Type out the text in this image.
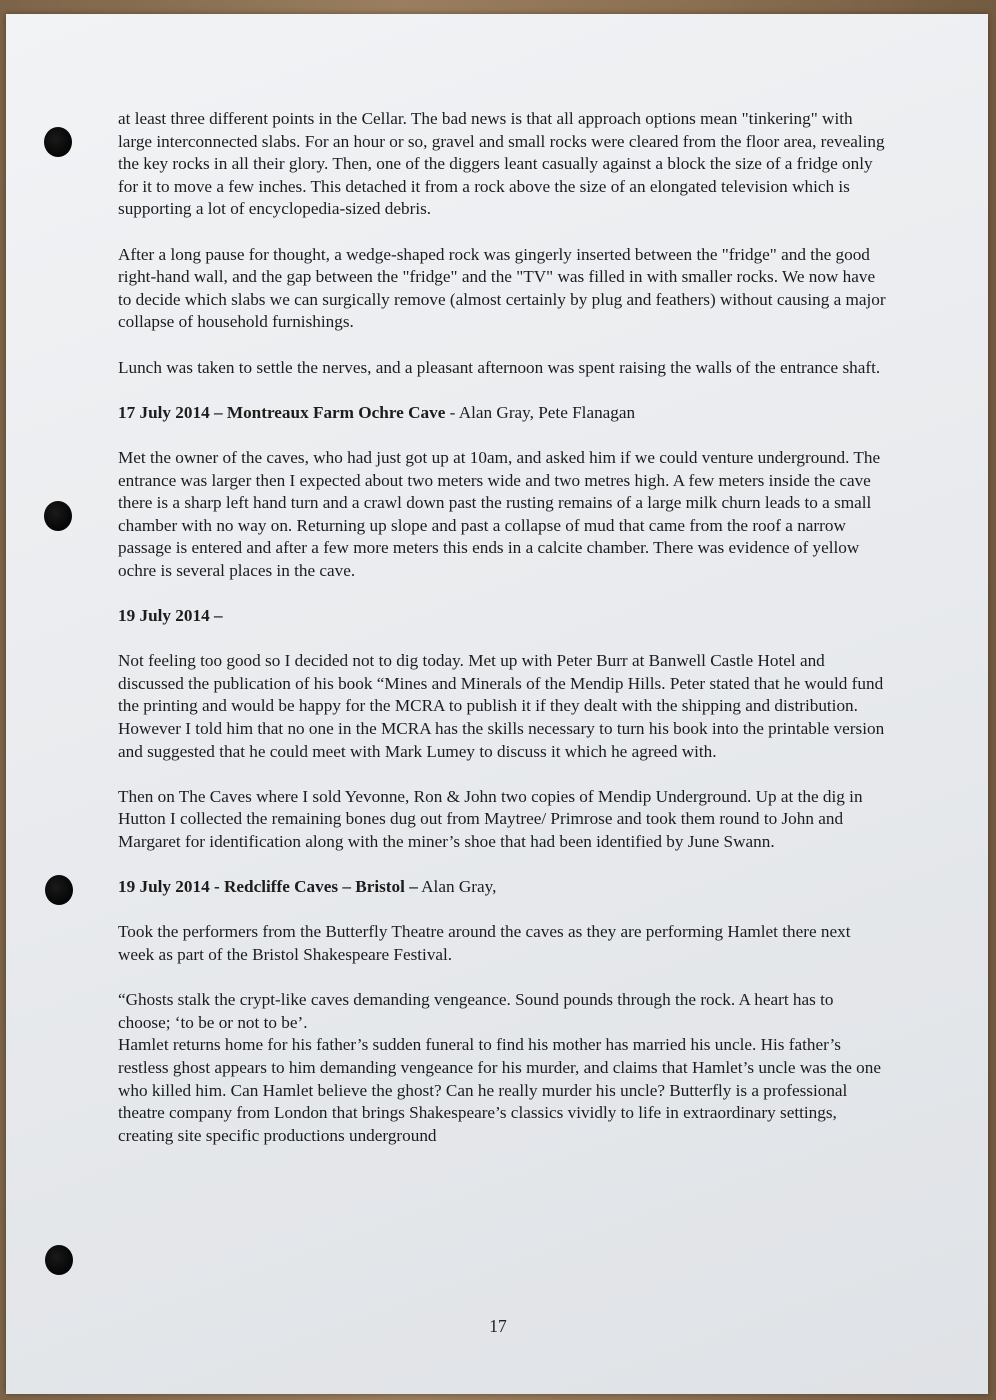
at least three different points in the Cellar. The bad news is that all approach options mean "tinkering" with large interconnected slabs. For an hour or so, gravel and small rocks were cleared from the floor area, revealing the key rocks in all their glory. Then, one of the diggers leant casually against a block the size of a fridge only for it to move a few inches. This detached it from a rock above the size of an elongated television which is supporting a lot of encyclopedia-sized debris.

After a long pause for thought, a wedge-shaped rock was gingerly inserted between the "fridge" and the good right-hand wall, and the gap between the "fridge" and the "TV" was filled in with smaller rocks. We now have to decide which slabs we can surgically remove (almost certainly by plug and feathers) without causing a major collapse of household furnishings.

Lunch was taken to settle the nerves, and a pleasant afternoon was spent raising the walls of the entrance shaft.

17 July 2014 – Montreaux Farm Ochre Cave - Alan Gray, Pete Flanagan

Met the owner of the caves, who had just got up at 10am, and asked him if we could venture underground. The entrance was larger then I expected about two meters wide and two metres high. A few meters inside the cave there is a sharp left hand turn and a crawl down past the rusting remains of a large milk churn leads to a small chamber with no way on. Returning up slope and past a collapse of mud that came from the roof a narrow passage is entered and after a few more meters this ends in a calcite chamber. There was evidence of yellow ochre is several places in the cave.

19 July 2014 –

Not feeling too good so I decided not to dig today. Met up with Peter Burr at Banwell Castle Hotel and discussed the publication of his book “Mines and Minerals of the Mendip Hills. Peter stated that he would fund the printing and would be happy for the MCRA to publish it if they dealt with the shipping and distribution. However I told him that no one in the MCRA has the skills necessary to turn his book into the printable version and suggested that he could meet with Mark Lumey to discuss it which he agreed with.

Then on The Caves where I sold Yevonne, Ron & John two copies of Mendip Underground. Up at the dig in Hutton I collected the remaining bones dug out from Maytree/ Primrose and took them round to John and Margaret for identification along with the miner’s shoe that had been identified by June Swann.

19 July 2014 - Redcliffe Caves – Bristol – Alan Gray,

Took the performers from the Butterfly Theatre around the caves as they are performing Hamlet there next week as part of the Bristol Shakespeare Festival.

“Ghosts stalk the crypt-like caves demanding vengeance. Sound pounds through the rock. A heart has to choose; ‘to be or not to be’.

Hamlet returns home for his father’s sudden funeral to find his mother has married his uncle. His father’s restless ghost appears to him demanding vengeance for his murder, and claims that Hamlet’s uncle was the one who killed him. Can Hamlet believe the ghost? Can he really murder his uncle? Butterfly is a professional theatre company from London that brings Shakespeare’s classics vividly to life in extraordinary settings, creating site specific productions underground

17
